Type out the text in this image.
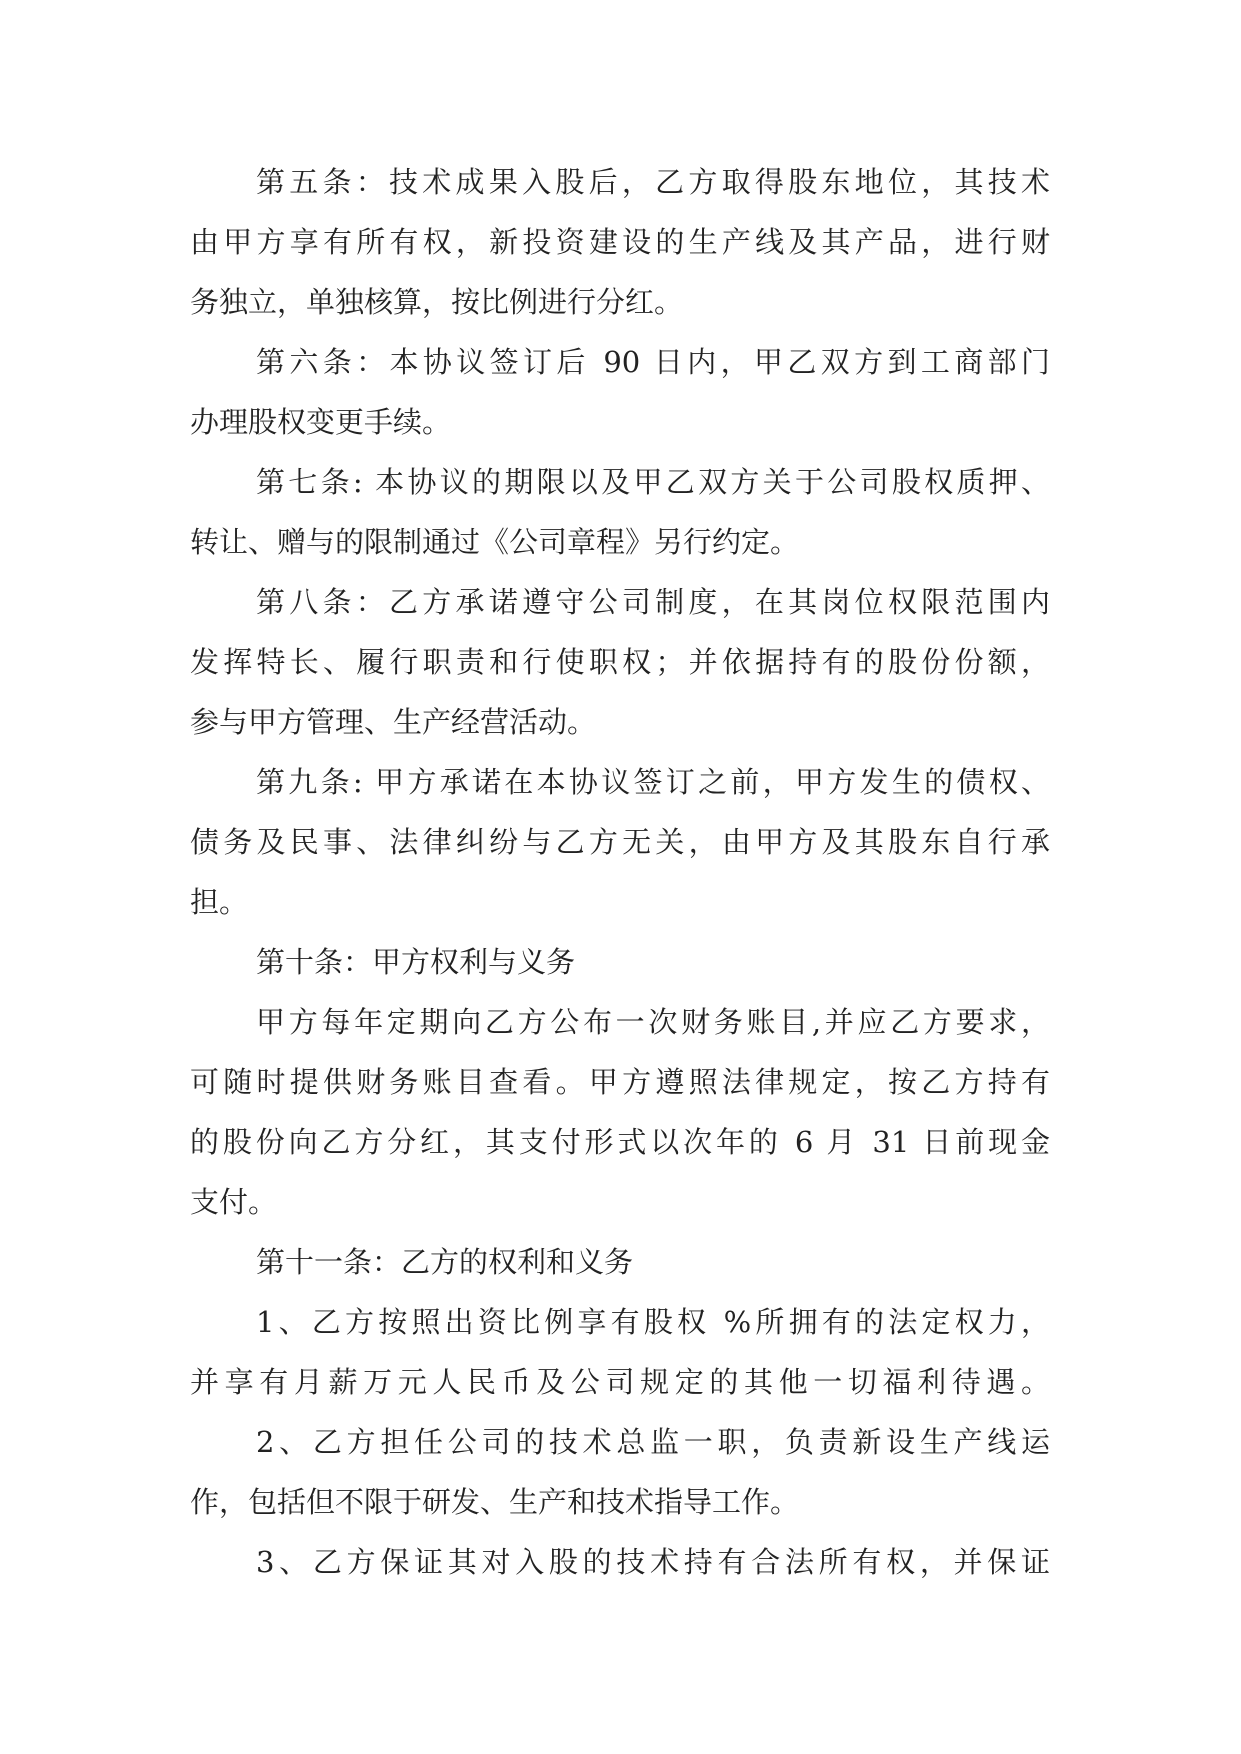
第五条：技术成果入股后，乙方取得股东地位，其技术
由甲方享有所有权，新投资建设的生产线及其产品，进行财
务独立，单独核算，按比例进行分红。
第六条：本协议签订后 90 日内，甲乙双方到工商部门
办理股权变更手续。
第七条: 本协议的期限以及甲乙双方关于公司股权质押、
转让、赠与的限制通过《公司章程》另行约定。
第八条：乙方承诺遵守公司制度，在其岗位权限范围内
发挥特长、履行职责和行使职权；并依据持有的股份份额，
参与甲方管理、生产经营活动。
第九条: 甲方承诺在本协议签订之前，甲方发生的债权、
债务及民事、法律纠纷与乙方无关，由甲方及其股东自行承
担。
第十条：甲方权利与义务
甲方每年定期向乙方公布一次财务账目,并应乙方要求，
可随时提供财务账目查看。甲方遵照法律规定，按乙方持有
的股份向乙方分红，其支付形式以次年的 6 月 31 日前现金
支付。
第十一条：乙方的权利和义务
1、乙方按照出资比例享有股权 %所拥有的法定权力，
并享有月薪万元人民币及公司规定的其他一切福利待遇。
2、乙方担任公司的技术总监一职，负责新设生产线运
作，包括但不限于研发、生产和技术指导工作。
3、乙方保证其对入股的技术持有合法所有权，并保证
